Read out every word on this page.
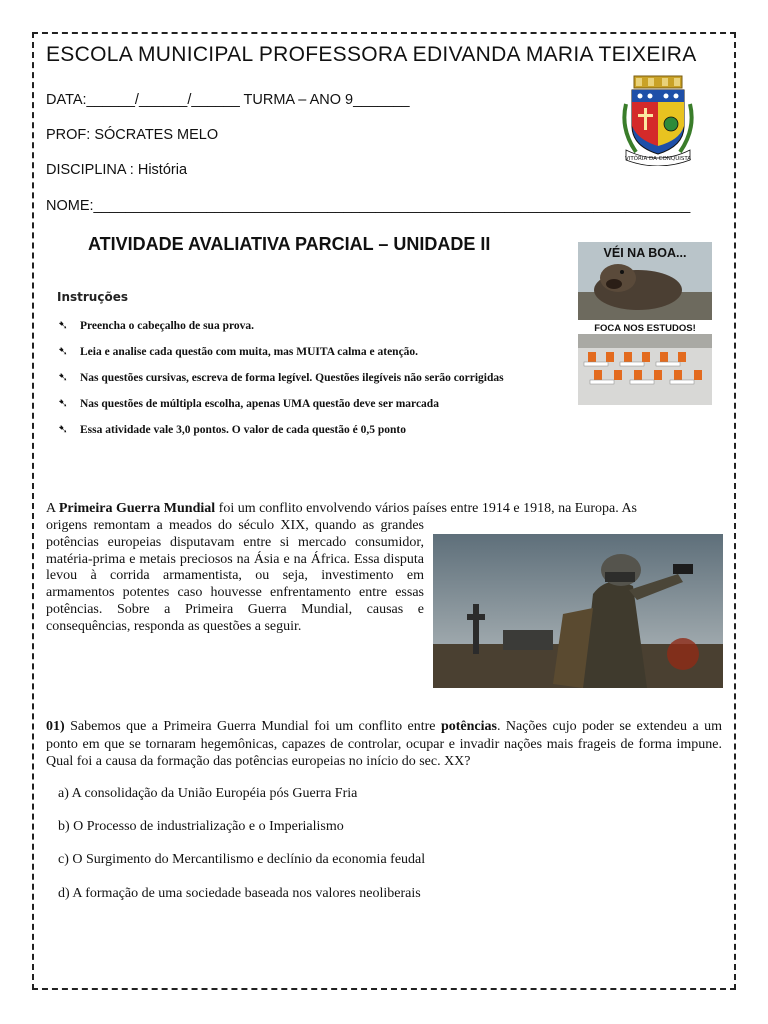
ESCOLA MUNICIPAL PROFESSORA EDIVANDA MARIA TEIXEIRA
DATA:______/______/______ TURMA – ANO 9_______
PROF: SÓCRATES MELO
DISCIPLINA : História
NOME:__________________________________________________________________________
VITÓRIA DA CONQUISTA
ATIVIDADE AVALIATIVA PARCIAL – UNIDADE II
Instruções
➷ Preencha o cabeçalho de sua prova.
➷ Leia e analise cada questão com muita, mas MUITA calma e atenção.
➷ Nas questões cursivas, escreva de forma legível. Questões ilegíveis não serão corrigidas
➷ Nas questões de múltipla escolha, apenas UMA questão deve ser marcada
➷ Essa atividade vale 3,0 pontos. O valor de cada questão é 0,5 ponto
VÉI NA BOA...
FOCA NOS ESTUDOS!
A Primeira Guerra Mundial foi um conflito envolvendo vários países entre 1914 e 1918, na Europa. As
origens remontam a meados do século XIX, quando as grandes potências europeias disputavam entre si mercado consumidor, matéria-prima e metais preciosos na Ásia e na África. Essa disputa levou à corrida armamentista, ou seja, investimento em armamentos potentes caso houvesse enfrentamento entre essas potências. Sobre a Primeira Guerra Mundial, causas e consequências, responda as questões a seguir.
01) Sabemos que a Primeira Guerra Mundial foi um conflito entre potências. Nações cujo poder se extendeu a um ponto em que se tornaram hegemônicas, capazes de controlar, ocupar e invadir nações mais frageis de forma impune. Qual foi a causa da formação das potências europeias no início do sec. XX?
a) A consolidação da União Européia pós Guerra Fria
b) O Processo de industrialização e o Imperialismo
c) O Surgimento do Mercantilismo e declínio da economia feudal
d) A formação de uma sociedade baseada nos valores neoliberais
